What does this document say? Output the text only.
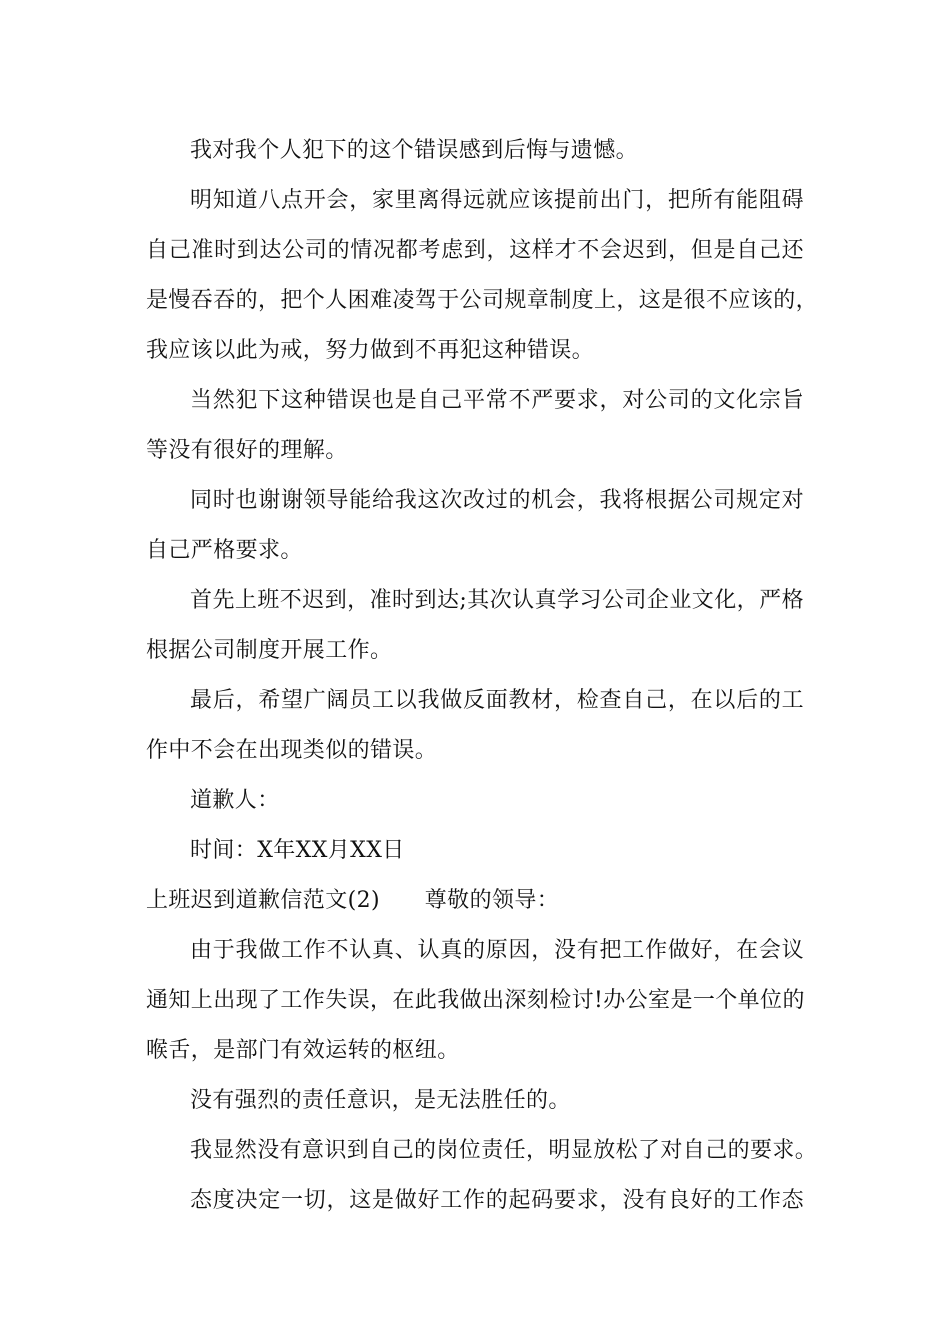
我对我个人犯下的这个错误感到后悔与遗憾。
明知道八点开会，家里离得远就应该提前出门，把所有能阻碍
自己准时到达公司的情况都考虑到，这样才不会迟到，但是自己还
是慢吞吞的，把个人困难凌驾于公司规章制度上，这是很不应该的，
我应该以此为戒，努力做到不再犯这种错误。
当然犯下这种错误也是自己平常不严要求，对公司的文化宗旨
等没有很好的理解。
同时也谢谢领导能给我这次改过的机会，我将根据公司规定对
自己严格要求。
首先上班不迟到，准时到达;其次认真学习公司企业文化，严格
根据公司制度开展工作。
最后，希望广阔员工以我做反面教材，检查自己，在以后的工
作中不会在出现类似的错误。
道歉人：
时间：X年XX月XX日
上班迟到道歉信范文(2)　　尊敬的领导：
由于我做工作不认真、认真的原因，没有把工作做好，在会议
通知上出现了工作失误，在此我做出深刻检讨!办公室是一个单位的
喉舌，是部门有效运转的枢纽。
没有强烈的责任意识，是无法胜任的。
我显然没有意识到自己的岗位责任，明显放松了对自己的要求。
态度决定一切，这是做好工作的起码要求，没有良好的工作态
